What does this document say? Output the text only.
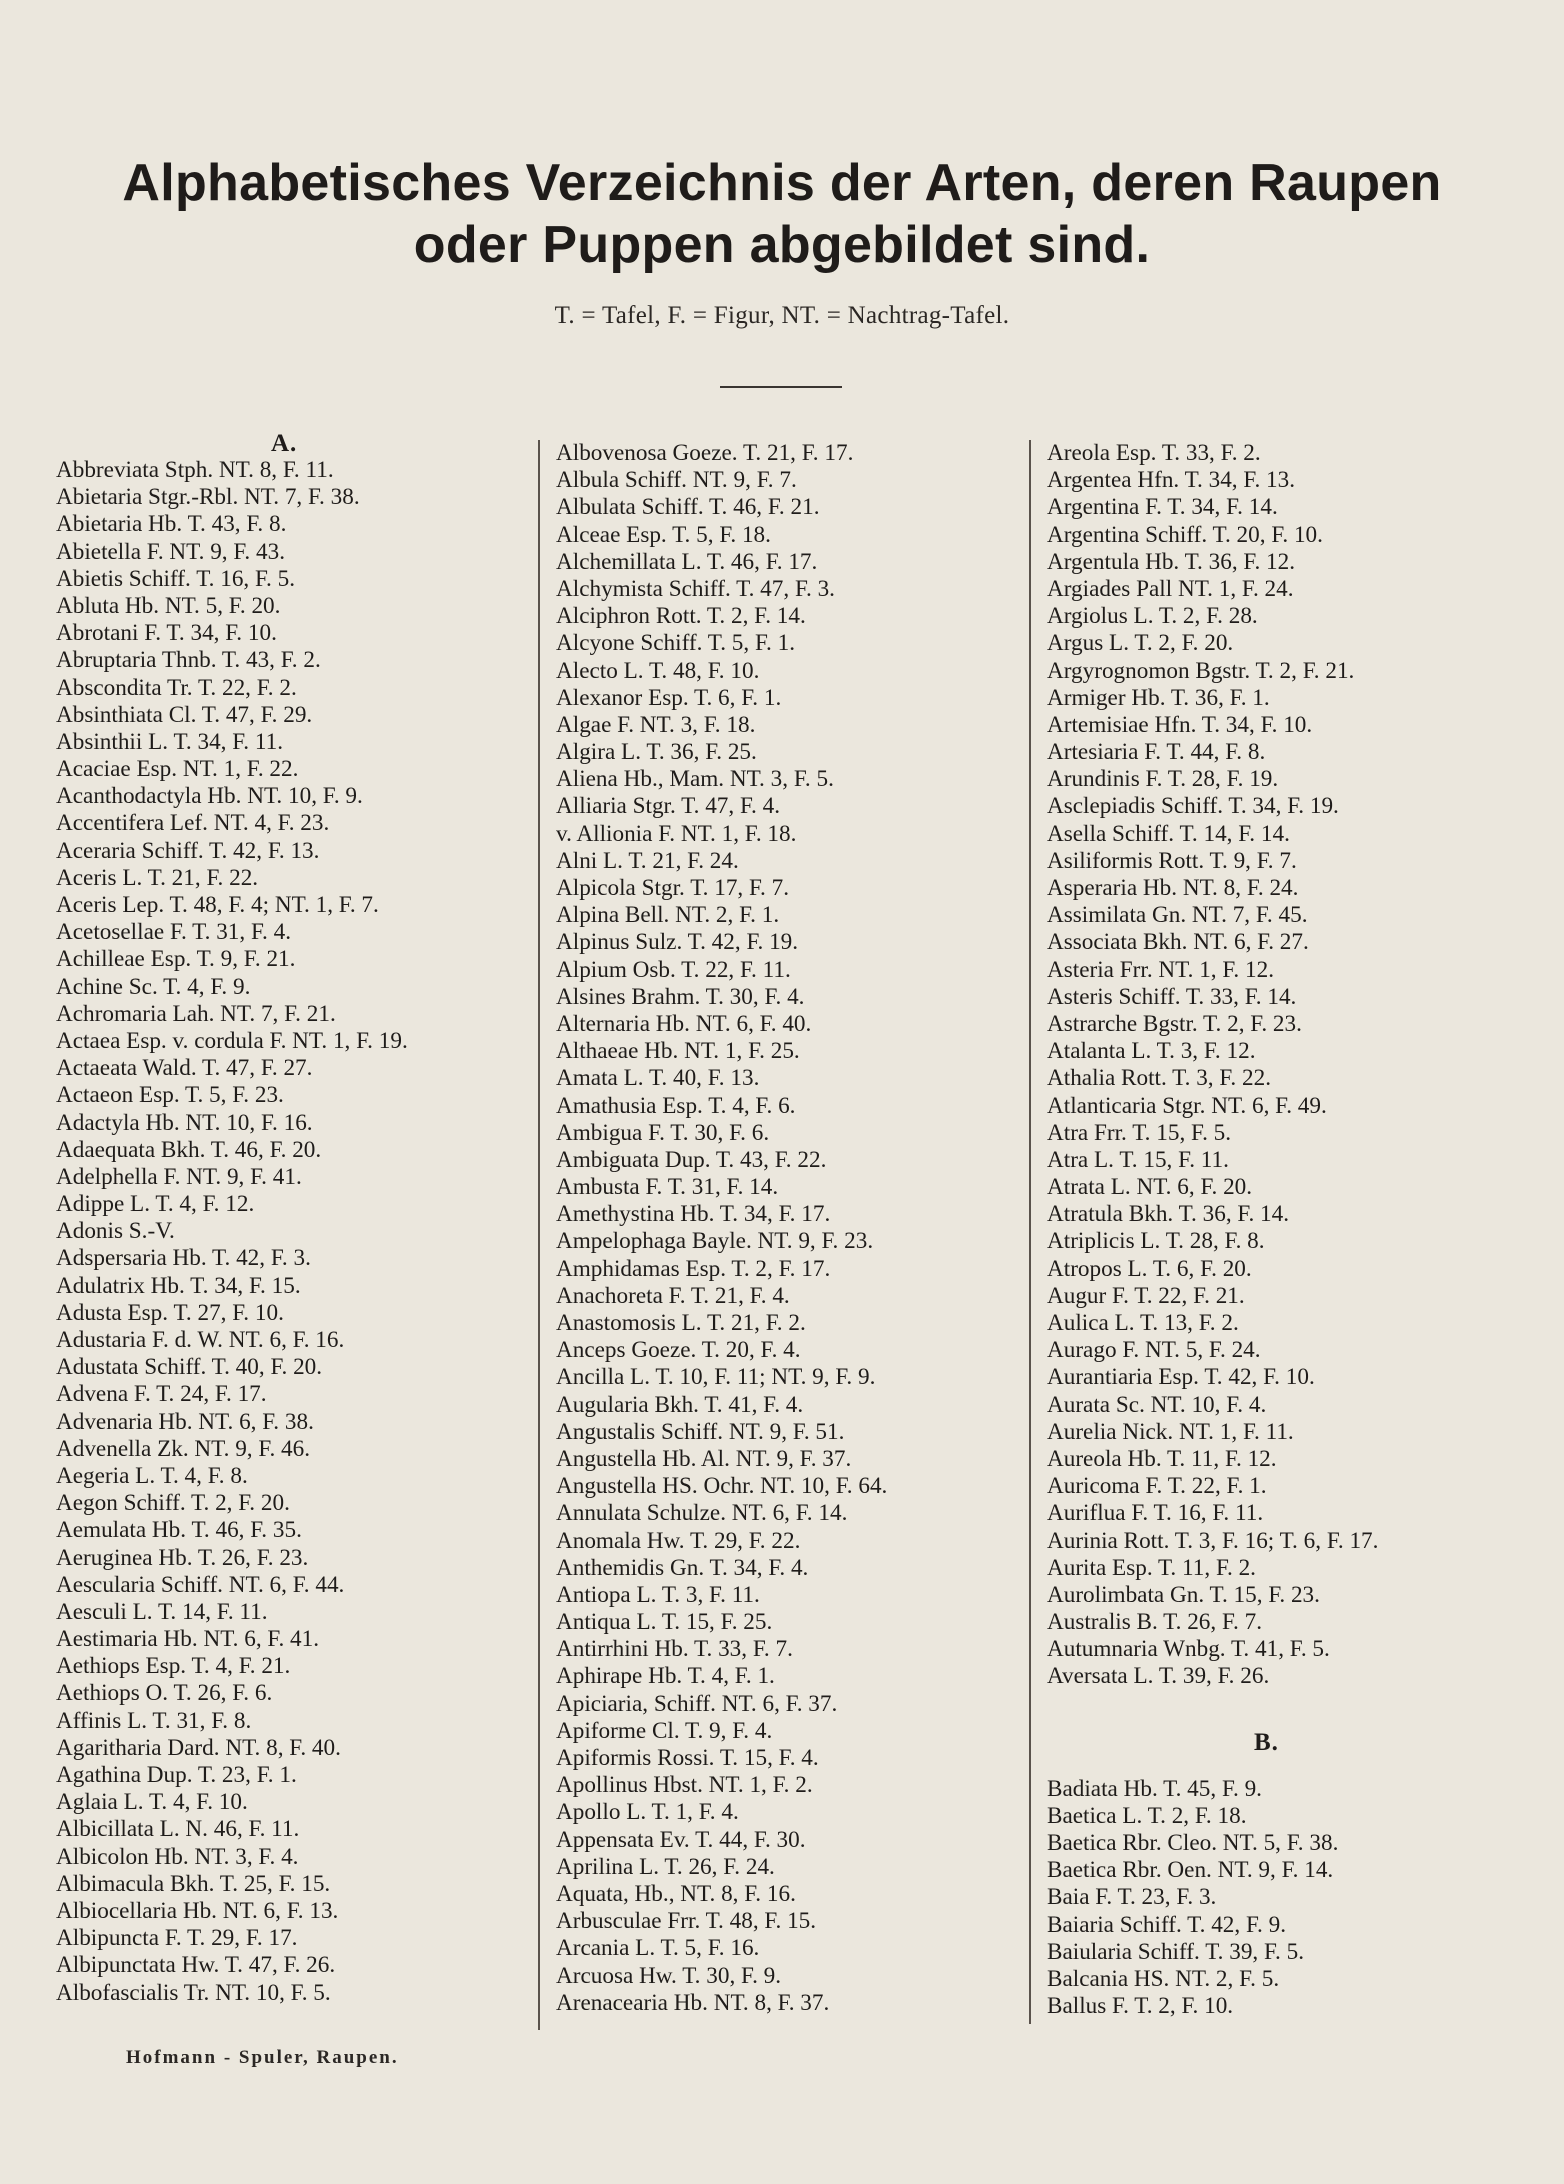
Alphabetisches Verzeichnis der Arten, deren Raupen
oder Puppen abgebildet sind.
T. = Tafel, F. = Figur, NT. = Nachtrag-Tafel.
A.
Abbreviata Stph. NT. 8, F. 11.
Abietaria Stgr.-Rbl. NT. 7, F. 38.
Abietaria Hb. T. 43, F. 8.
Abietella F. NT. 9, F. 43.
Abietis Schiff. T. 16, F. 5.
Abluta Hb. NT. 5, F. 20.
Abrotani F. T. 34, F. 10.
Abruptaria Thnb. T. 43, F. 2.
Abscondita Tr. T. 22, F. 2.
Absinthiata Cl. T. 47, F. 29.
Absinthii L. T. 34, F. 11.
Acaciae Esp. NT. 1, F. 22.
Acanthodactyla Hb. NT. 10, F. 9.
Accentifera Lef. NT. 4, F. 23.
Aceraria Schiff. T. 42, F. 13.
Aceris L. T. 21, F. 22.
Aceris Lep. T. 48, F. 4; NT. 1, F. 7.
Acetosellae F. T. 31, F. 4.
Achilleae Esp. T. 9, F. 21.
Achine Sc. T. 4, F. 9.
Achromaria Lah. NT. 7, F. 21.
Actaea Esp. v. cordula F. NT. 1, F. 19.
Actaeata Wald. T. 47, F. 27.
Actaeon Esp. T. 5, F. 23.
Adactyla Hb. NT. 10, F. 16.
Adaequata Bkh. T. 46, F. 20.
Adelphella F. NT. 9, F. 41.
Adippe L. T. 4, F. 12.
Adonis S.-V.
Adspersaria Hb. T. 42, F. 3.
Adulatrix Hb. T. 34, F. 15.
Adusta Esp. T. 27, F. 10.
Adustaria F. d. W. NT. 6, F. 16.
Adustata Schiff. T. 40, F. 20.
Advena F. T. 24, F. 17.
Advenaria Hb. NT. 6, F. 38.
Advenella Zk. NT. 9, F. 46.
Aegeria L. T. 4, F. 8.
Aegon Schiff. T. 2, F. 20.
Aemulata Hb. T. 46, F. 35.
Aeruginea Hb. T. 26, F. 23.
Aescularia Schiff. NT. 6, F. 44.
Aesculi L. T. 14, F. 11.
Aestimaria Hb. NT. 6, F. 41.
Aethiops Esp. T. 4, F. 21.
Aethiops O. T. 26, F. 6.
Affinis L. T. 31, F. 8.
Agaritharia Dard. NT. 8, F. 40.
Agathina Dup. T. 23, F. 1.
Aglaia L. T. 4, F. 10.
Albicillata L. N. 46, F. 11.
Albicolon Hb. NT. 3, F. 4.
Albimacula Bkh. T. 25, F. 15.
Albiocellaria Hb. NT. 6, F. 13.
Albipuncta F. T. 29, F. 17.
Albipunctata Hw. T. 47, F. 26.
Albofascialis Tr. NT. 10, F. 5.
Albovenosa Goeze. T. 21, F. 17.
Albula Schiff. NT. 9, F. 7.
Albulata Schiff. T. 46, F. 21.
Alceae Esp. T. 5, F. 18.
Alchemillata L. T. 46, F. 17.
Alchymista Schiff. T. 47, F. 3.
Alciphron Rott. T. 2, F. 14.
Alcyone Schiff. T. 5, F. 1.
Alecto L. T. 48, F. 10.
Alexanor Esp. T. 6, F. 1.
Algae F. NT. 3, F. 18.
Algira L. T. 36, F. 25.
Aliena Hb., Mam. NT. 3, F. 5.
Alliaria Stgr. T. 47, F. 4.
v. Allionia F. NT. 1, F. 18.
Alni L. T. 21, F. 24.
Alpicola Stgr. T. 17, F. 7.
Alpina Bell. NT. 2, F. 1.
Alpinus Sulz. T. 42, F. 19.
Alpium Osb. T. 22, F. 11.
Alsines Brahm. T. 30, F. 4.
Alternaria Hb. NT. 6, F. 40.
Althaeae Hb. NT. 1, F. 25.
Amata L. T. 40, F. 13.
Amathusia Esp. T. 4, F. 6.
Ambigua F. T. 30, F. 6.
Ambiguata Dup. T. 43, F. 22.
Ambusta F. T. 31, F. 14.
Amethystina Hb. T. 34, F. 17.
Ampelophaga Bayle. NT. 9, F. 23.
Amphidamas Esp. T. 2, F. 17.
Anachoreta F. T. 21, F. 4.
Anastomosis L. T. 21, F. 2.
Anceps Goeze. T. 20, F. 4.
Ancilla L. T. 10, F. 11; NT. 9, F. 9.
Augularia Bkh. T. 41, F. 4.
Angustalis Schiff. NT. 9, F. 51.
Angustella Hb. Al. NT. 9, F. 37.
Angustella HS. Ochr. NT. 10, F. 64.
Annulata Schulze. NT. 6, F. 14.
Anomala Hw. T. 29, F. 22.
Anthemidis Gn. T. 34, F. 4.
Antiopa L. T. 3, F. 11.
Antiqua L. T. 15, F. 25.
Antirrhini Hb. T. 33, F. 7.
Aphirape Hb. T. 4, F. 1.
Apiciaria, Schiff. NT. 6, F. 37.
Apiforme Cl. T. 9, F. 4.
Apiformis Rossi. T. 15, F. 4.
Apollinus Hbst. NT. 1, F. 2.
Apollo L. T. 1, F. 4.
Appensata Ev. T. 44, F. 30.
Aprilina L. T. 26, F. 24.
Aquata, Hb., NT. 8, F. 16.
Arbusculae Frr. T. 48, F. 15.
Arcania L. T. 5, F. 16.
Arcuosa Hw. T. 30, F. 9.
Arenacearia Hb. NT. 8, F. 37.
Areola Esp. T. 33, F. 2.
Argentea Hfn. T. 34, F. 13.
Argentina F. T. 34, F. 14.
Argentina Schiff. T. 20, F. 10.
Argentula Hb. T. 36, F. 12.
Argiades Pall NT. 1, F. 24.
Argiolus L. T. 2, F. 28.
Argus L. T. 2, F. 20.
Argyrognomon Bgstr. T. 2, F. 21.
Armiger Hb. T. 36, F. 1.
Artemisiae Hfn. T. 34, F. 10.
Artesiaria F. T. 44, F. 8.
Arundinis F. T. 28, F. 19.
Asclepiadis Schiff. T. 34, F. 19.
Asella Schiff. T. 14, F. 14.
Asiliformis Rott. T. 9, F. 7.
Asperaria Hb. NT. 8, F. 24.
Assimilata Gn. NT. 7, F. 45.
Associata Bkh. NT. 6, F. 27.
Asteria Frr. NT. 1, F. 12.
Asteris Schiff. T. 33, F. 14.
Astrarche Bgstr. T. 2, F. 23.
Atalanta L. T. 3, F. 12.
Athalia Rott. T. 3, F. 22.
Atlanticaria Stgr. NT. 6, F. 49.
Atra Frr. T. 15, F. 5.
Atra L. T. 15, F. 11.
Atrata L. NT. 6, F. 20.
Atratula Bkh. T. 36, F. 14.
Atriplicis L. T. 28, F. 8.
Atropos L. T. 6, F. 20.
Augur F. T. 22, F. 21.
Aulica L. T. 13, F. 2.
Aurago F. NT. 5, F. 24.
Aurantiaria Esp. T. 42, F. 10.
Aurata Sc. NT. 10, F. 4.
Aurelia Nick. NT. 1, F. 11.
Aureola Hb. T. 11, F. 12.
Auricoma F. T. 22, F. 1.
Auriflua F. T. 16, F. 11.
Aurinia Rott. T. 3, F. 16; T. 6, F. 17.
Aurita Esp. T. 11, F. 2.
Aurolimbata Gn. T. 15, F. 23.
Australis B. T. 26, F. 7.
Autumnaria Wnbg. T. 41, F. 5.
Aversata L. T. 39, F. 26.
B.
Badiata Hb. T. 45, F. 9.
Baetica L. T. 2, F. 18.
Baetica Rbr. Cleo. NT. 5, F. 38.
Baetica Rbr. Oen. NT. 9, F. 14.
Baia F. T. 23, F. 3.
Baiaria Schiff. T. 42, F. 9.
Baiularia Schiff. T. 39, F. 5.
Balcania HS. NT. 2, F. 5.
Ballus F. T. 2, F. 10.
Hofmann - Spuler, Raupen.
